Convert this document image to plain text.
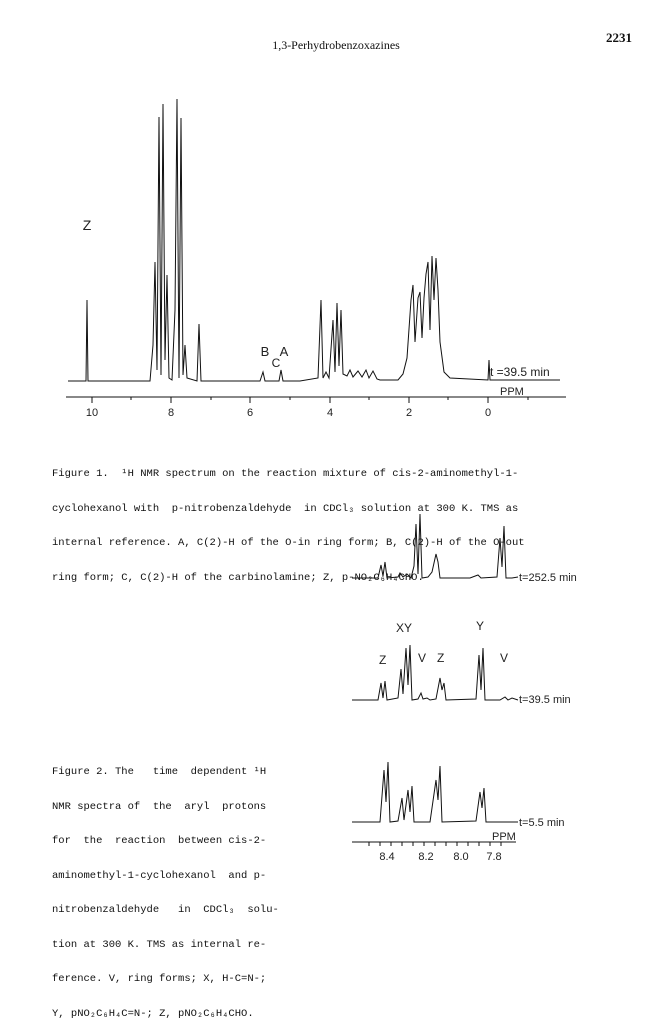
1,3-Perhydrobenzoxazines	2231
10	8	6	4	2	0
Z
B A
C
t =39.5 min
PPM

Figure 1.  ¹H NMR spectrum on the reaction mixture of cis-2-aminomethyl-1-

cyclohexanol with  p-nitrobenzaldehyde  in CDCl₃ solution at 300 K. TMS as

internal reference. A, C(2)-H of the O-in ring form; B, C(2)-H of the O-out

ring form; C, C(2)-H of the carbinolamine; Z, p-NO₂C₆H₄CHO.	t=252.5 min
XY	Y
Z	V Z	V
t=39.5 min
t=5.5 min
PPM
8.4 8.2 8.0 7.8

Figure 2. The   time  dependent ¹H

NMR spectra of  the  aryl  protons

for  the  reaction  between cis-2-

aminomethyl-1-cyclohexanol  and p-

nitrobenzaldehyde   in  CDCl₃  solu-

tion at 300 K. TMS as internal re-

ference. V, ring forms; X, H-C=N-;

Y, pNO₂C₆H₄C=N-; Z, pNO₂C₆H₄CHO.
